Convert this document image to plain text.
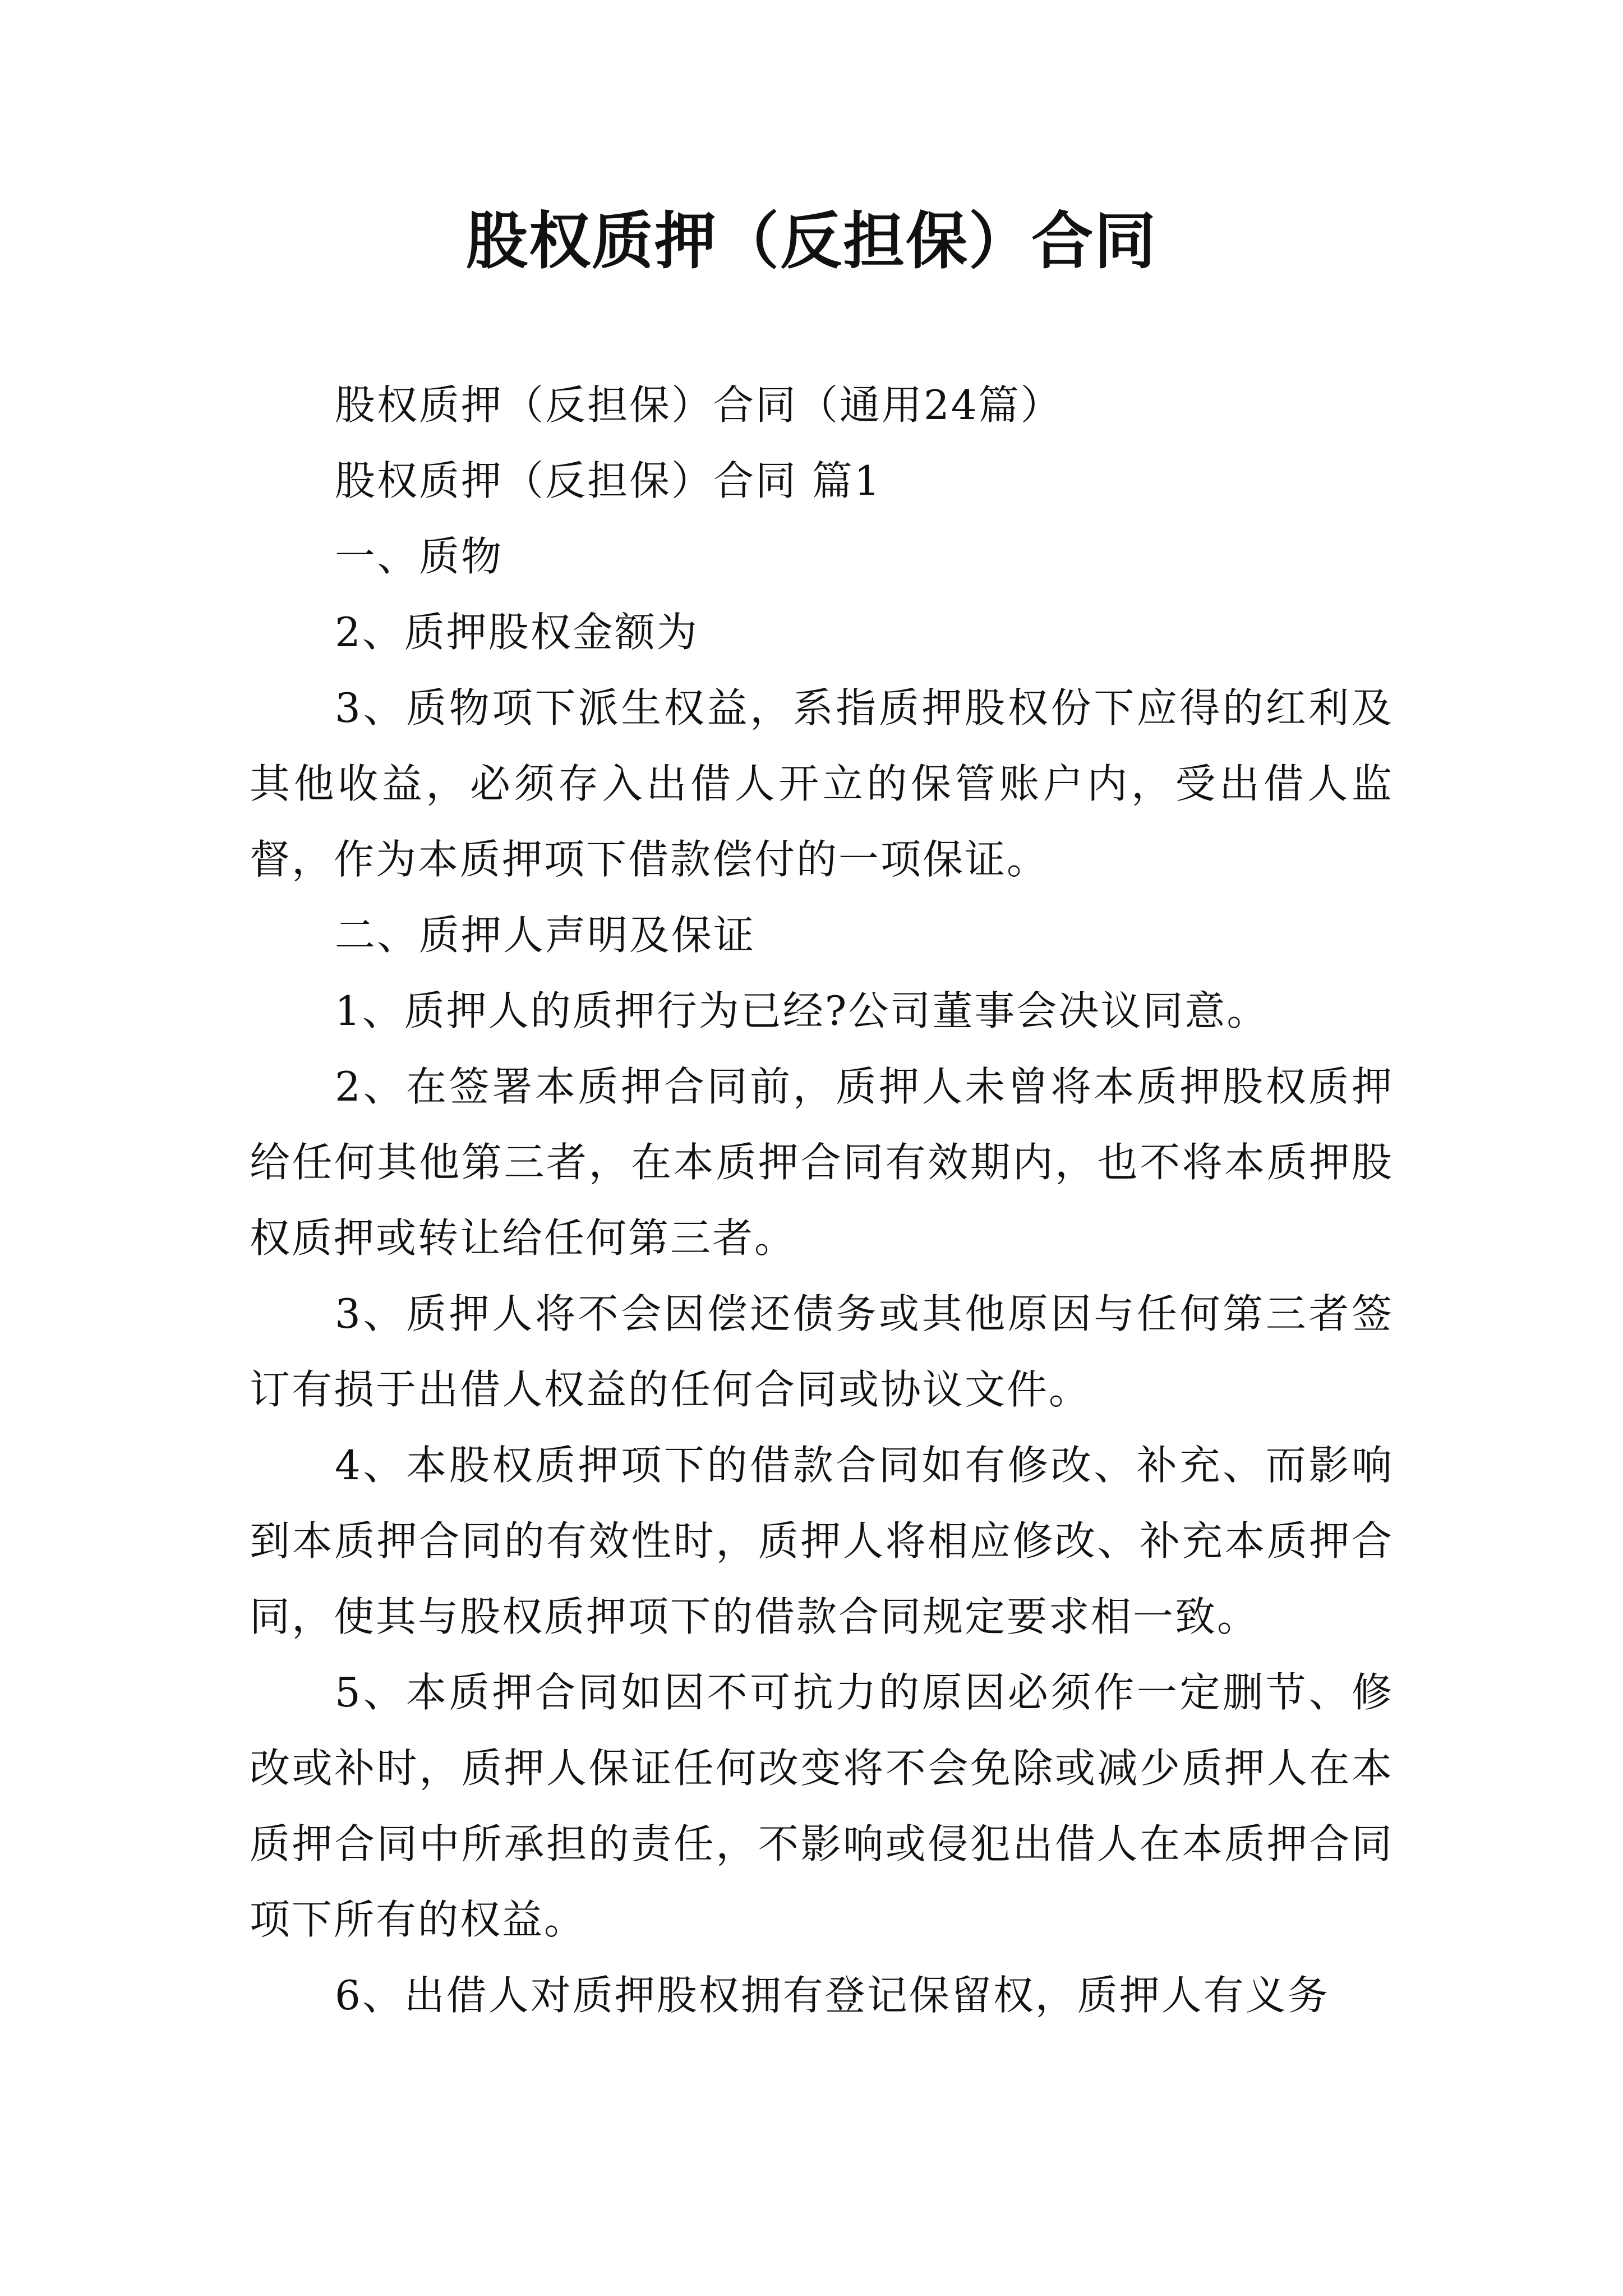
股权质押（反担保）合同

股权质押（反担保）合同（通用24篇）

股权质押（反担保）合同 篇1

一、质物

2、质押股权金额为

3、质物项下派生权益，系指质押股权份下应得的红利及其他收益，必须存入出借人开立的保管账户内，受出借人监督，作为本质押项下借款偿付的一项保证。

二、质押人声明及保证

1、质押人的质押行为已经?公司董事会决议同意。

2、在签署本质押合同前，质押人未曾将本质押股权质押给任何其他第三者，在本质押合同有效期内，也不将本质押股权质押或转让给任何第三者。

3、质押人将不会因偿还债务或其他原因与任何第三者签订有损于出借人权益的任何合同或协议文件。

4、本股权质押项下的借款合同如有修改、补充、而影响到本质押合同的有效性时，质押人将相应修改、补充本质押合同，使其与股权质押项下的借款合同规定要求相一致。

5、本质押合同如因不可抗力的原因必须作一定删节、修改或补时，质押人保证任何改变将不会免除或减少质押人在本质押合同中所承担的责任，不影响或侵犯出借人在本质押合同项下所有的权益。

6、出借人对质押股权拥有登记保留权，质押人有义务
